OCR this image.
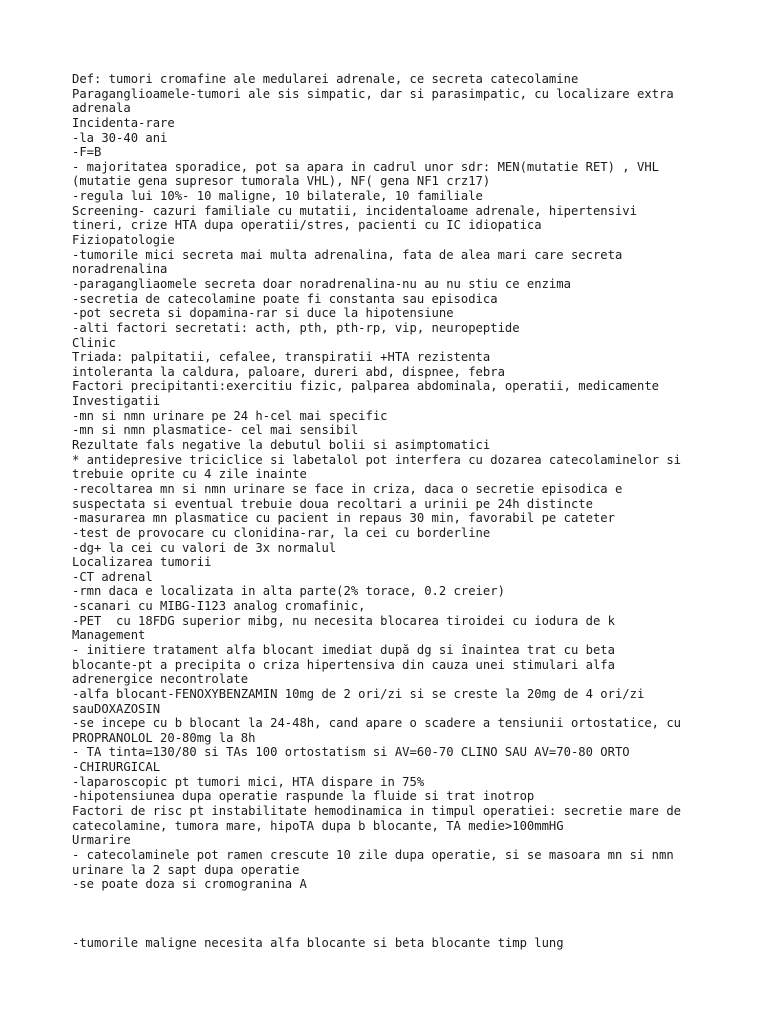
Def: tumori cromafine ale medularei adrenale, ce secreta catecolamine
Paraganglioamele-tumori ale sis simpatic, dar si parasimpatic, cu localizare extra
adrenala
Incidenta-rare
-la 30-40 ani
-F=B
- majoritatea sporadice, pot sa apara in cadrul unor sdr: MEN(mutatie RET) , VHL
(mutatie gena supresor tumorala VHL), NF( gena NF1 crz17)
-regula lui 10%- 10 maligne, 10 bilaterale, 10 familiale
Screening- cazuri familiale cu mutatii, incidentaloame adrenale, hipertensivi
tineri, crize HTA dupa operatii/stres, pacienti cu IC idiopatica
Fiziopatologie
-tumorile mici secreta mai multa adrenalina, fata de alea mari care secreta
noradrenalina
-paragangliaomele secreta doar noradrenalina-nu au nu stiu ce enzima
-secretia de catecolamine poate fi constanta sau episodica
-pot secreta si dopamina-rar si duce la hipotensiune
-alti factori secretati: acth, pth, pth-rp, vip, neuropeptide
Clinic
Triada: palpitatii, cefalee, transpiratii +HTA rezistenta
intoleranta la caldura, paloare, dureri abd, dispnee, febra
Factori precipitanti:exercitiu fizic, palparea abdominala, operatii, medicamente
Investigatii
-mn si nmn urinare pe 24 h-cel mai specific
-mn si nmn plasmatice- cel mai sensibil
Rezultate fals negative la debutul bolii si asimptomatici
* antidepresive triciclice si labetalol pot interfera cu dozarea catecolaminelor si
trebuie oprite cu 4 zile inainte
-recoltarea mn si nmn urinare se face in criza, daca o secretie episodica e
suspectata si eventual trebuie doua recoltari a urinii pe 24h distincte
-masurarea mn plasmatice cu pacient in repaus 30 min, favorabil pe cateter
-test de provocare cu clonidina-rar, la cei cu borderline
-dg+ la cei cu valori de 3x normalul
Localizarea tumorii
-CT adrenal
-rmn daca e localizata in alta parte(2% torace, 0.2 creier)
-scanari cu MIBG-I123 analog cromafinic,
-PET  cu 18FDG superior mibg, nu necesita blocarea tiroidei cu iodura de k
Management
- initiere tratament alfa blocant imediat după dg si înaintea trat cu beta
blocante-pt a precipita o criza hipertensiva din cauza unei stimulari alfa
adrenergice necontrolate
-alfa blocant-FENOXYBENZAMIN 10mg de 2 ori/zi si se creste la 20mg de 4 ori/zi
sauDOXAZOSIN
-se incepe cu b blocant la 24-48h, cand apare o scadere a tensiunii ortostatice, cu
PROPRANOLOL 20-80mg la 8h
- TA tinta=130/80 si TAs 100 ortostatism si AV=60-70 CLINO SAU AV=70-80 ORTO
-CHIRURGICAL
-laparoscopic pt tumori mici, HTA dispare in 75%
-hipotensiunea dupa operatie raspunde la fluide si trat inotrop
Factori de risc pt instabilitate hemodinamica in timpul operatiei: secretie mare de
catecolamine, tumora mare, hipoTA dupa b blocante, TA medie>100mmHG
Urmarire
- catecolaminele pot ramen crescute 10 zile dupa operatie, si se masoara mn si nmn
urinare la 2 sapt dupa operatie
-se poate doza si cromogranina A
-tumorile maligne necesita alfa blocante si beta blocante timp lung
